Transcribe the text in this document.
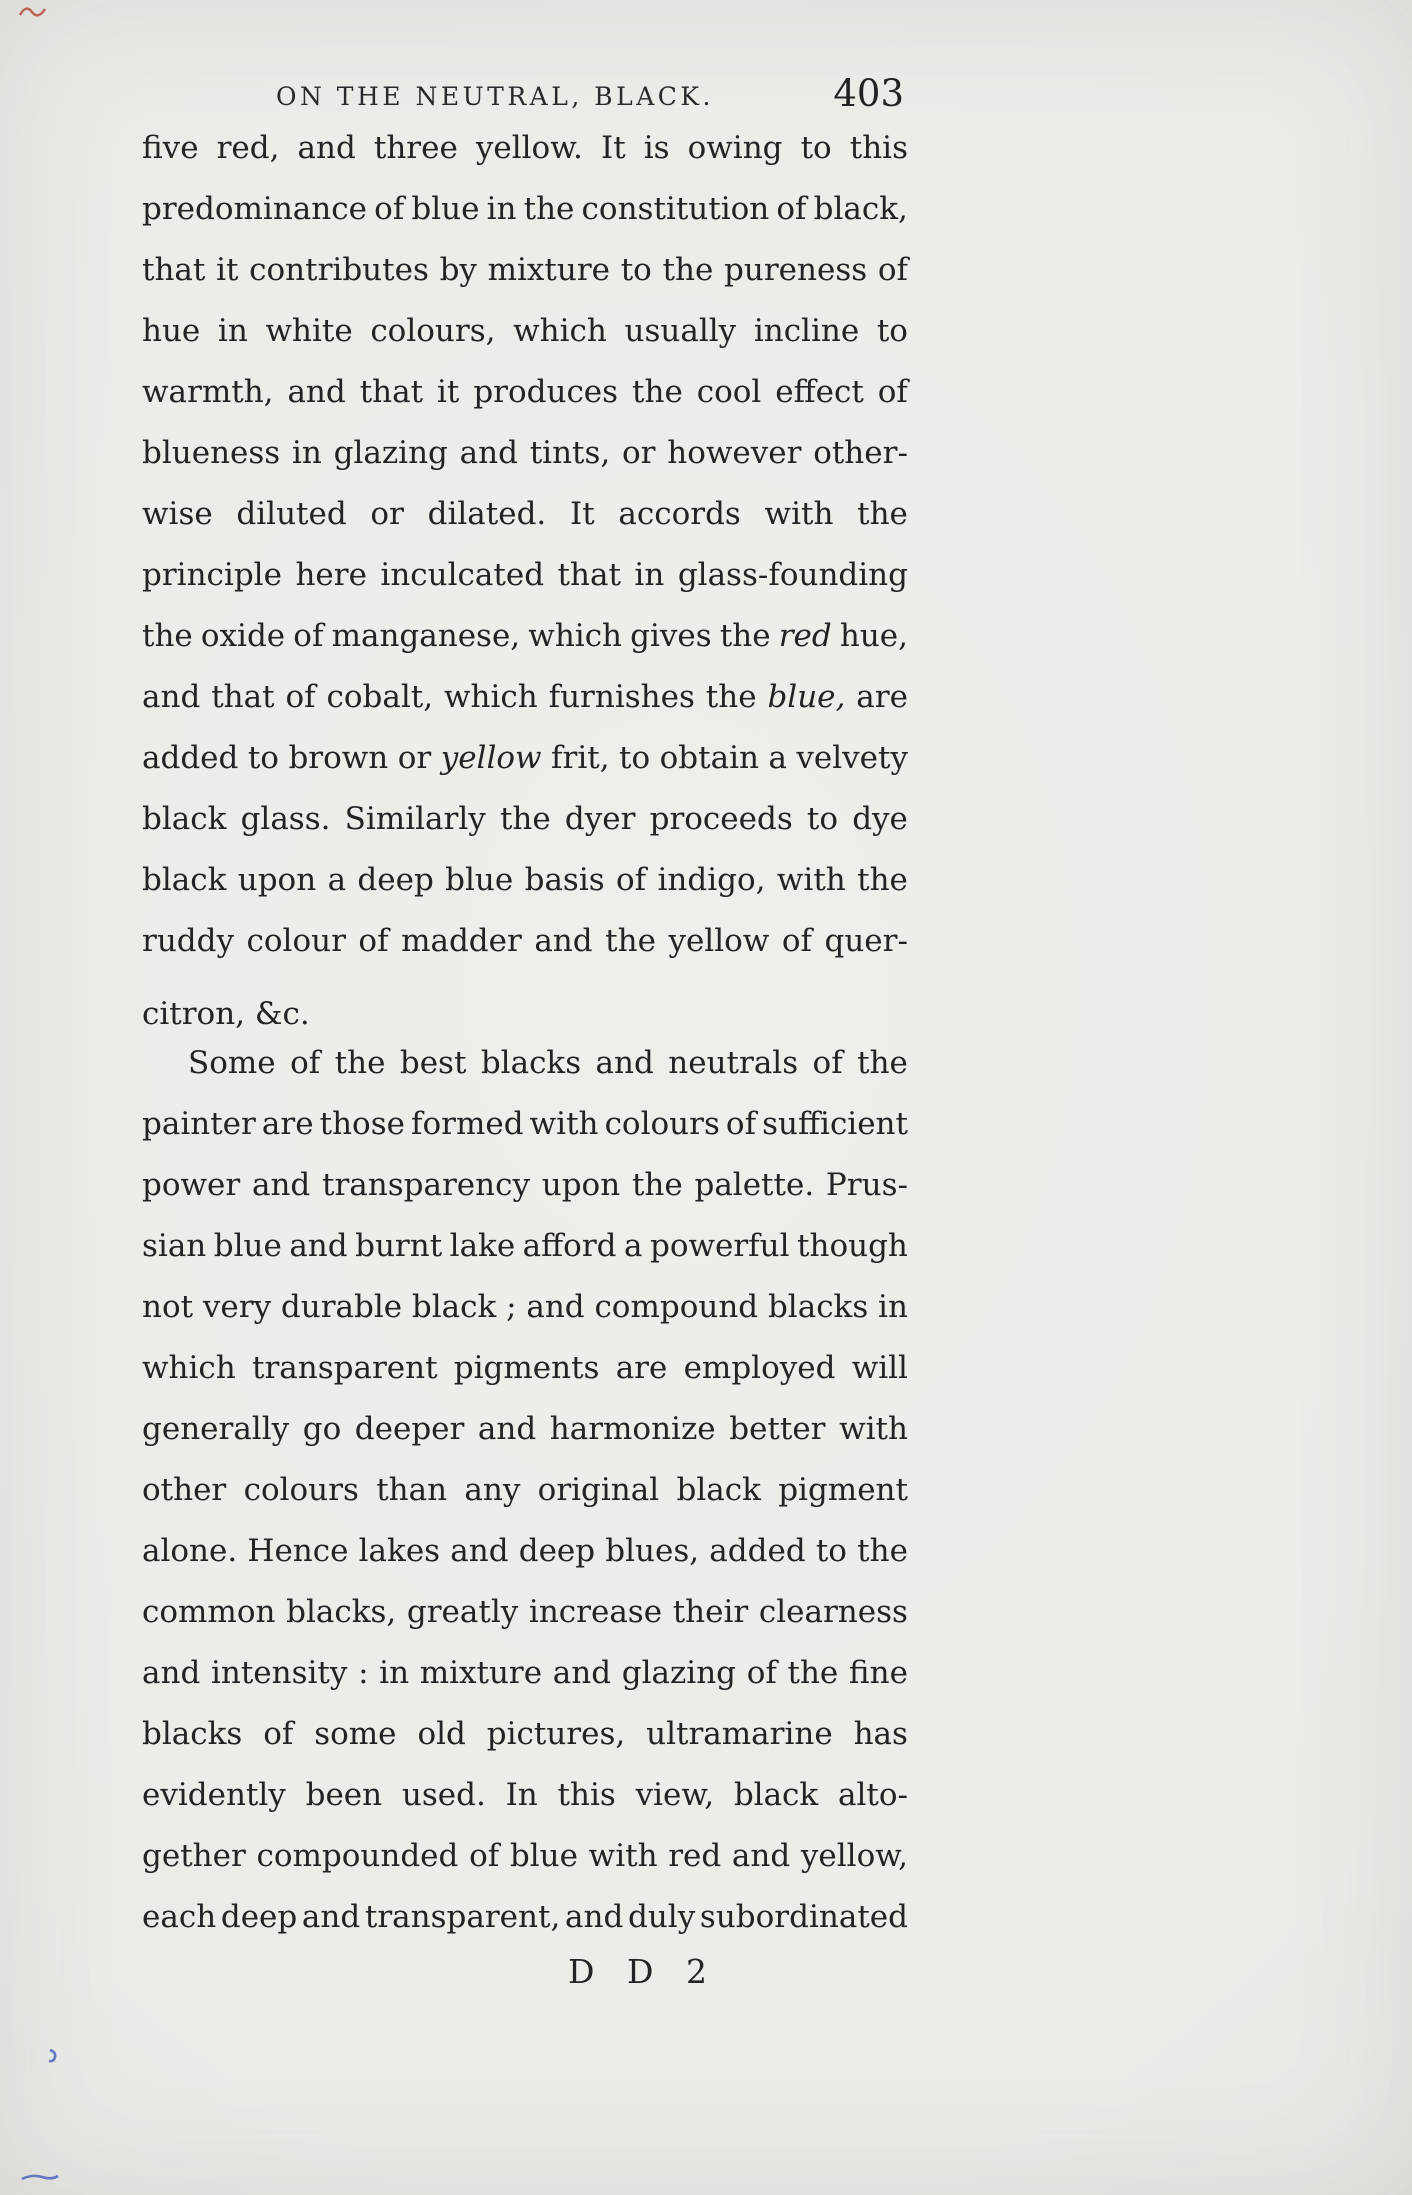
ON THE NEUTRAL, BLACK.	403
five red, and three yellow. It is owing to this
predominance of blue in the constitution of black,
that it contributes by mixture to the pureness of
hue in white colours, which usually incline to
warmth, and that it produces the cool effect of
blueness in glazing and tints, or however other-
wise diluted or dilated. It accords with the
principle here inculcated that in glass-founding
the oxide of manganese, which gives the red hue,
and that of cobalt, which furnishes the blue, are
added to brown or yellow frit, to obtain a velvety
black glass. Similarly the dyer proceeds to dye
black upon a deep blue basis of indigo, with the
ruddy colour of madder and the yellow of quer-
citron, &c.
Some of the best blacks and neutrals of the
painter are those formed with colours of sufficient
power and transparency upon the palette. Prus-
sian blue and burnt lake afford a powerful though
not very durable black ; and compound blacks in
which transparent pigments are employed will
generally go deeper and harmonize better with
other colours than any original black pigment
alone. Hence lakes and deep blues, added to the
common blacks, greatly increase their clearness
and intensity : in mixture and glazing of the fine
blacks of some old pictures, ultramarine has
evidently been used. In this view, black alto-
gether compounded of blue with red and yellow,
each deep and transparent, and duly subordinated
D D 2
